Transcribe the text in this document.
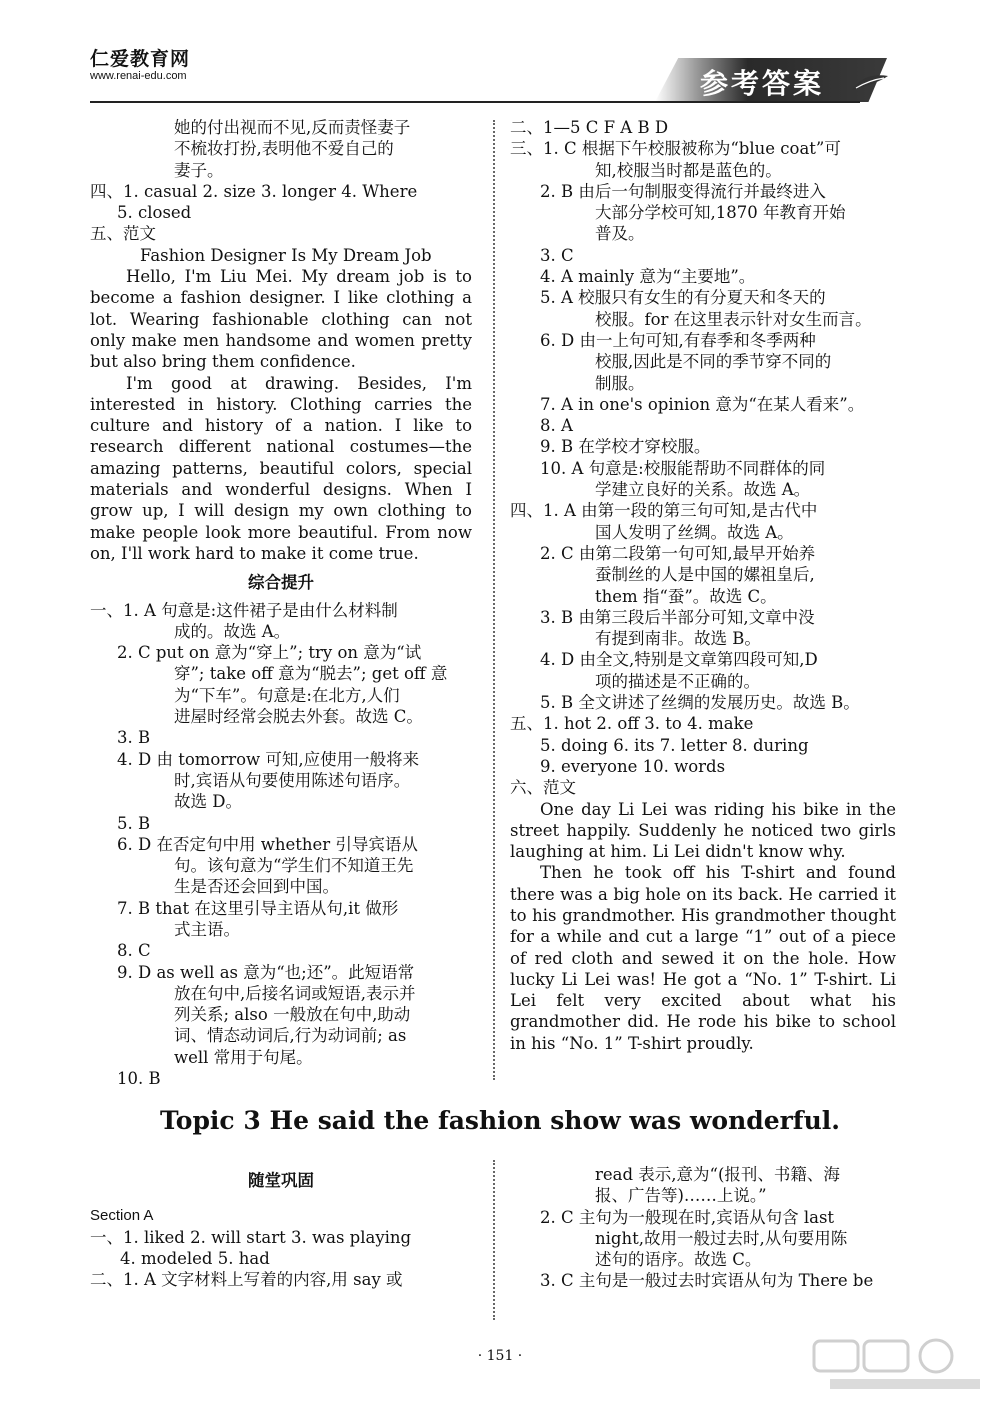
仁爱教育网
www.renai-edu.com	参考答案
她的付出视而不见,反而责怪妻子
不梳妆打扮,表明他不爱自己的
妻子。
四、1. casual 2. size 3. longer 4. Where
5. closed
五、范文
Fashion Designer Is My Dream Job
Hello, I'm Liu Mei. My dream job is to become a fashion designer. I like clothing a lot. Wearing fashionable clothing can not only make men handsome and women pretty but also bring them confidence.
I'm good at drawing. Besides, I'm interested in history. Clothing carries the culture and history of a nation. I like to research different national costumes—the amazing patterns, beautiful colors, special materials and wonderful designs. When I grow up, I will design my own clothing to make people look more beautiful. From now on, I'll work hard to make it come true.
综合提升
一、1. A 句意是:这件裙子是由什么材料制
成的。故选 A。
2. C put on 意为“穿上”; try on 意为“试
穿”; take off 意为“脱去”; get off 意
为“下车”。句意是:在北方,人们
进屋时经常会脱去外套。故选 C。
3. B
4. D 由 tomorrow 可知,应使用一般将来
时,宾语从句要使用陈述句语序。
故选 D。
5. B
6. D 在否定句中用 whether 引导宾语从
句。该句意为“学生们不知道王先
生是否还会回到中国。
7. B that 在这里引导主语从句,it 做形
式主语。
8. C
9. D as well as 意为“也;还”。此短语常
放在句中,后接名词或短语,表示并
列关系; also 一般放在句中,助动
词、情态动词后,行为动词前; as
well 常用于句尾。
10. B
二、1—5 C F A B D
三、1. C 根据下午校服被称为“blue coat”可
知,校服当时都是蓝色的。
2. B 由后一句制服变得流行并最终进入
大部分学校可知,1870 年教育开始
普及。
3. C
4. A mainly 意为“主要地”。
5. A 校服只有女生的有分夏天和冬天的
校服。for 在这里表示针对女生而言。
6. D 由一上句可知,有春季和冬季两种
校服,因此是不同的季节穿不同的
制服。
7. A in one's opinion 意为“在某人看来”。
8. A
9. B 在学校才穿校服。
10. A 句意是:校服能帮助不同群体的同
学建立良好的关系。故选 A。
四、1. A 由第一段的第三句可知,是古代中
国人发明了丝绸。故选 A。
2. C 由第二段第一句可知,最早开始养
蚕制丝的人是中国的嫘祖皇后,
them 指“蚕”。故选 C。
3. B 由第三段后半部分可知,文章中没
有提到南非。故选 B。
4. D 由全文,特别是文章第四段可知,D
项的描述是不正确的。
5. B 全文讲述了丝绸的发展历史。故选 B。
五、1. hot 2. off 3. to 4. make
5. doing 6. its 7. letter 8. during
9. everyone 10. words
六、范文
One day Li Lei was riding his bike in the street happily. Suddenly he noticed two girls laughing at him. Li Lei didn't know why.
Then he took off his T-shirt and found there was a big hole on its back. He carried it to his grandmother. His grandmother thought for a while and cut a large “1” out of a piece of red cloth and sewed it on the hole. How lucky Li Lei was! He got a “No. 1” T-shirt. Li Lei felt very excited about what his grandmother did. He rode his bike to school in his “No. 1” T-shirt proudly.
Topic 3 He said the fashion show was wonderful.
随堂巩固
Section A
一、1. liked 2. will start 3. was playing
4. modeled 5. had
二、1. A 文字材料上写着的内容,用 say 或
read 表示,意为“(报刊、书籍、海
报、广告等)……上说。”
2. C 主句为一般现在时,宾语从句含 last
night,故用一般过去时,从句要用陈
述句的语序。故选 C。
3. C 主句是一般过去时宾语从句为 There be
· 151 ·
